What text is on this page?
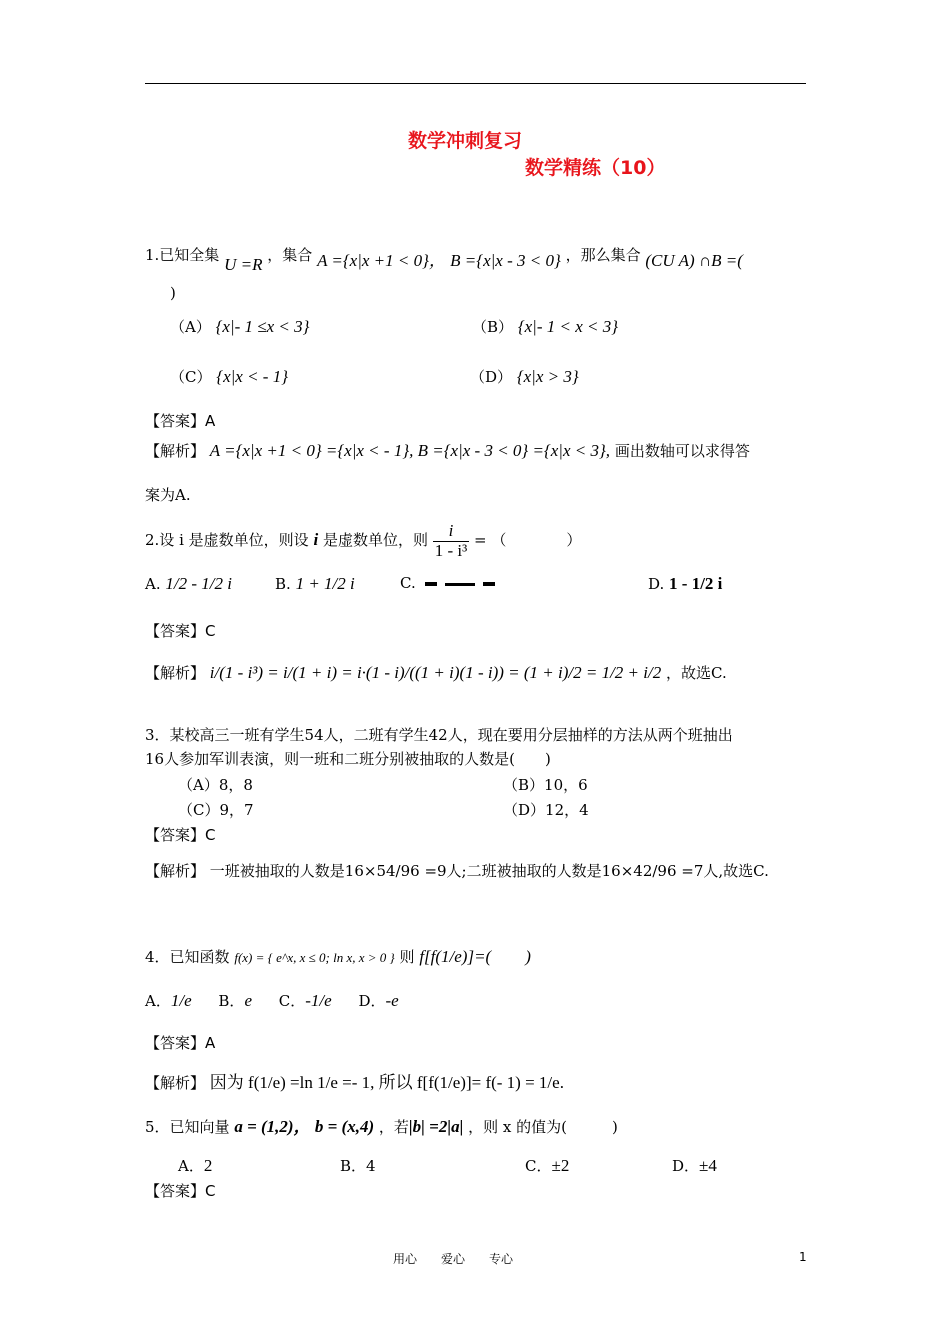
数学冲刺复习
数学精练（10）
1.已知全集 U =R ，集合 A ={x|x +1 < 0}， B ={x|x - 3 < 0} ，那么集合 (CU A) ∩B =(
)
（A） {x|- 1 ≤x < 3}	（B） {x|- 1 < x < 3}
（C） {x|x < - 1}	（D） {x|x > 3}
【答案】A
【解析】 A ={x|x +1 < 0} ={x|x < - 1}, B ={x|x - 3 < 0} ={x|x < 3}, 画出数轴可以求得答
案为A.
2.设 i 是虚数单位，则设 i 是虚数单位，则 $\frac{i}{\text{1 - i³}}$ = （　　　　）
A. 1/2 - 1/2 i	B. 1 + 1/2 i	C.	D. 1 - 1/2 i
【答案】C
【解析】 i/(1 - i³) = i/(1 + i) = i·(1 - i)/((1 + i)(1 - i)) = (1 + i)/2 = 1/2 + i/2 ，故选C.
3．某校高三一班有学生54人，二班有学生42人，现在要用分层抽样的方法从两个班抽出
16人参加军训表演，则一班和二班分别被抽取的人数是(　　)
（A）8，8	（B）10，6
（C）9，7	（D）12，4
【答案】C
【解析】 一班被抽取的人数是16×54/96 =9人;二班被抽取的人数是16×42/96 =7人,故选C.
4．已知函数 f(x) = { e^x, x ≤ 0; ln x, x > 0 } 则 f[f(1/e)]=(　　)
A．1/e B．e C．-1/e D．-e
【答案】A
【解析】 因为 f(1/e) =ln 1/e =- 1, 所以 f[f(1/e)]= f(- 1) = 1/e.
5．已知向量 a = (1,2)， b = (x,4) ，若|b| =2|a| ，则 x 的值为(　　　)
A．2	B．4	C．±2	D．±4
【答案】C
用心　　爱心　　专心	1
